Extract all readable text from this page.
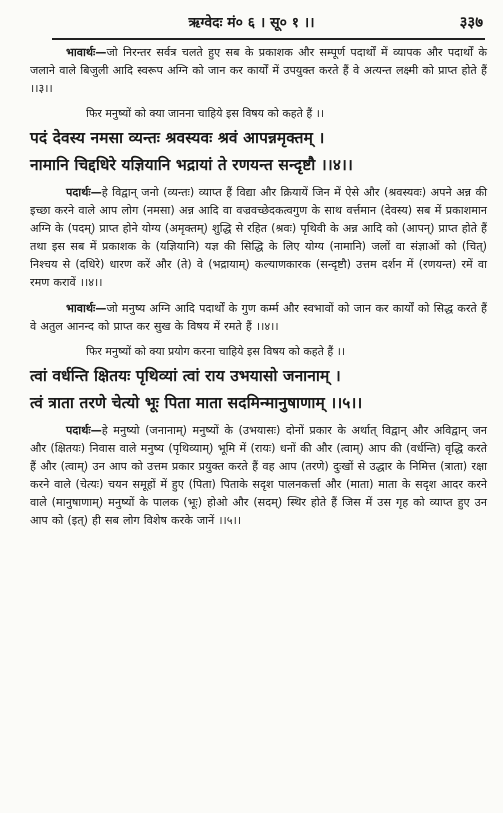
ऋग्वेदः मं० ६ । सू० १ ।।	३३७

भावार्थः—जो निरन्तर सर्वत्र चलते हुए सब के प्रकाशक और सम्पूर्ण पदार्थों में व्यापक और पदार्थों के जलाने वाले बिजुली आदि स्वरूप अग्नि को जान कर कार्यों में उपयुक्त करते हैं वे अत्यन्त लक्ष्मी को प्राप्त होते हैं ।।३।।

फिर मनुष्यों को क्या जानना चाहिये इस विषय को कहते हैं ।।

पदं देवस्य नमसा व्यन्तः श्रवस्यवः श्रवं आपन्नमृक्तम् ।

नामानि चिद्दधिरे यज्ञियानि भद्रायां ते रणयन्त सन्दृष्टौ ।।४।।

पदार्थः—हे विद्वान् जनो (व्यन्तः) व्याप्त हैं विद्या और क्रियायें जिन में ऐसे और (श्रवस्यवः) अपने अन्न की इच्छा करने वाले आप लोग (नमसा) अन्न आदि वा वज्रवच्छेदकत्वगुण के साथ वर्त्तमान (देवस्य) सब में प्रकाशमान अग्नि के (पदम्) प्राप्त होने योग्य (अमृक्तम्) शुद्धि से रहित (श्रवः) पृथिवी के अन्न आदि को (आपन्) प्राप्त होते हैं तथा इस सब में प्रकाशक के (यज्ञियानि) यज्ञ की सिद्धि के लिए योग्य (नामानि) जलों वा संज्ञाओं को (चित्) निश्चय से (दधिरे) धारण करें और (ते) वे (भद्रायाम्) कल्याणकारक (सन्दृष्टौ) उत्तम दर्शन में (रणयन्त) रमें वा रमण करावें ।।४।।

भावार्थः—जो मनुष्य अग्नि आदि पदार्थों के गुण कर्म्म और स्वभावों को जान कर कार्यों को सिद्ध करते हैं वे अतुल आनन्द को प्राप्त कर सुख के विषय में रमते हैं ।।४।।

फिर मनुष्यों को क्या प्रयोग करना चाहिये इस विषय को कहते हैं ।।

त्वां वर्धन्ति क्षितयः पृथिव्यां त्वां राय उभयासो जनानाम् ।

त्वं त्राता तरणे चेत्यो भूः पिता माता सदमिन्मानुषाणाम् ।।५।।

पदार्थः—हे मनुष्यो (जनानाम्) मनुष्यों के (उभयासः) दोनों प्रकार के अर्थात् विद्वान् और अविद्वान् जन और (क्षितयः) निवास वाले मनुष्य (पृथिव्याम्) भूमि में (रायः) धनों की और (त्वाम्) आप की (वर्धन्ति) वृद्धि करते हैं और (त्वाम्) उन आप को उत्तम प्रकार प्रयुक्त करते हैं वह आप (तरणे) दुःखों से उद्धार के निमित्त (त्राता) रक्षा करने वाले (चेत्यः) चयन समूहों में हुए (पिता) पिताके सदृश पालनकर्त्ता और (माता) माता के सदृश आदर करने वाले (मानुषाणाम्) मनुष्यों के पालक (भूः) होओ और (सदम्) स्थिर होते हैं जिस में उस गृह को व्याप्त हुए उन आप को (इत्) ही सब लोग विशेष करके जानें ।।५।।
